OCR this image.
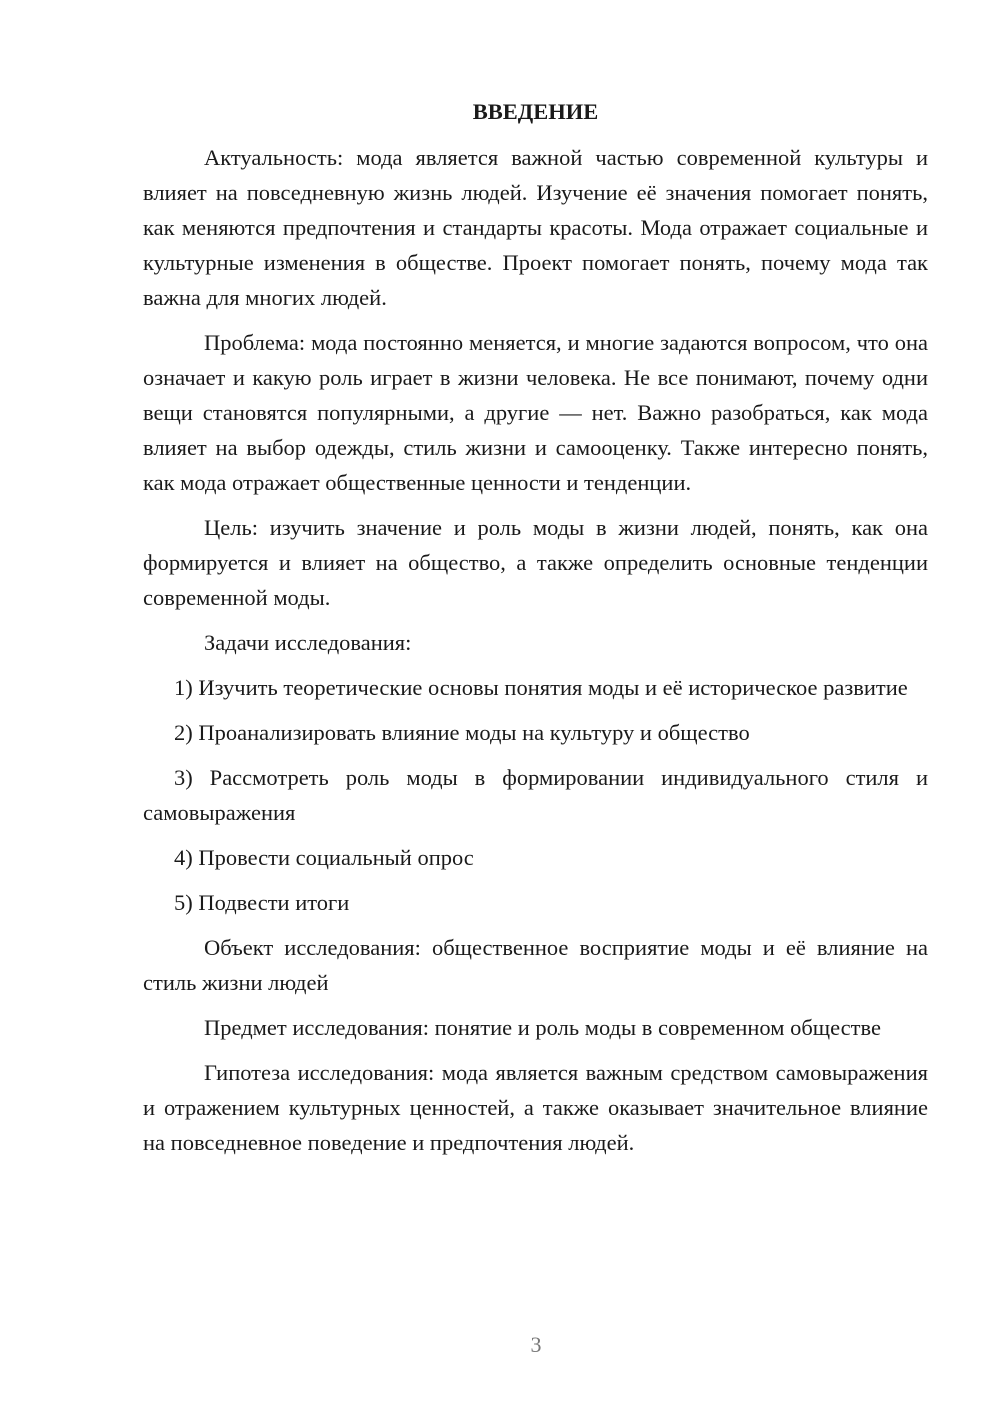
ВВЕДЕНИЕ

Актуальность: мода является важной частью современной культуры и влияет на повседневную жизнь людей. Изучение её значения помогает понять, как меняются предпочтения и стандарты красоты. Мода отражает социальные и культурные изменения в обществе. Проект помогает понять, почему мода так важна для многих людей.

Проблема: мода постоянно меняется, и многие задаются вопросом, что она означает и какую роль играет в жизни человека. Не все понимают, почему одни вещи становятся популярными, а другие — нет. Важно разобраться, как мода влияет на выбор одежды, стиль жизни и самооценку. Также интересно понять, как мода отражает общественные ценности и тенденции.

Цель: изучить значение и роль моды в жизни людей, понять, как она формируется и влияет на общество, а также определить основные тенденции современной моды.

Задачи исследования:

1) Изучить теоретические основы понятия моды и её историческое развитие

2) Проанализировать влияние моды на культуру и общество

3) Рассмотреть роль моды в формировании индивидуального стиля и самовыражения

4) Провести социальный опрос

5) Подвести итоги

Объект исследования: общественное восприятие моды и её влияние на стиль жизни людей

Предмет исследования: понятие и роль моды в современном обществе

Гипотеза исследования: мода является важным средством самовыражения и отражением культурных ценностей, а также оказывает значительное влияние на повседневное поведение и предпочтения людей.

3
